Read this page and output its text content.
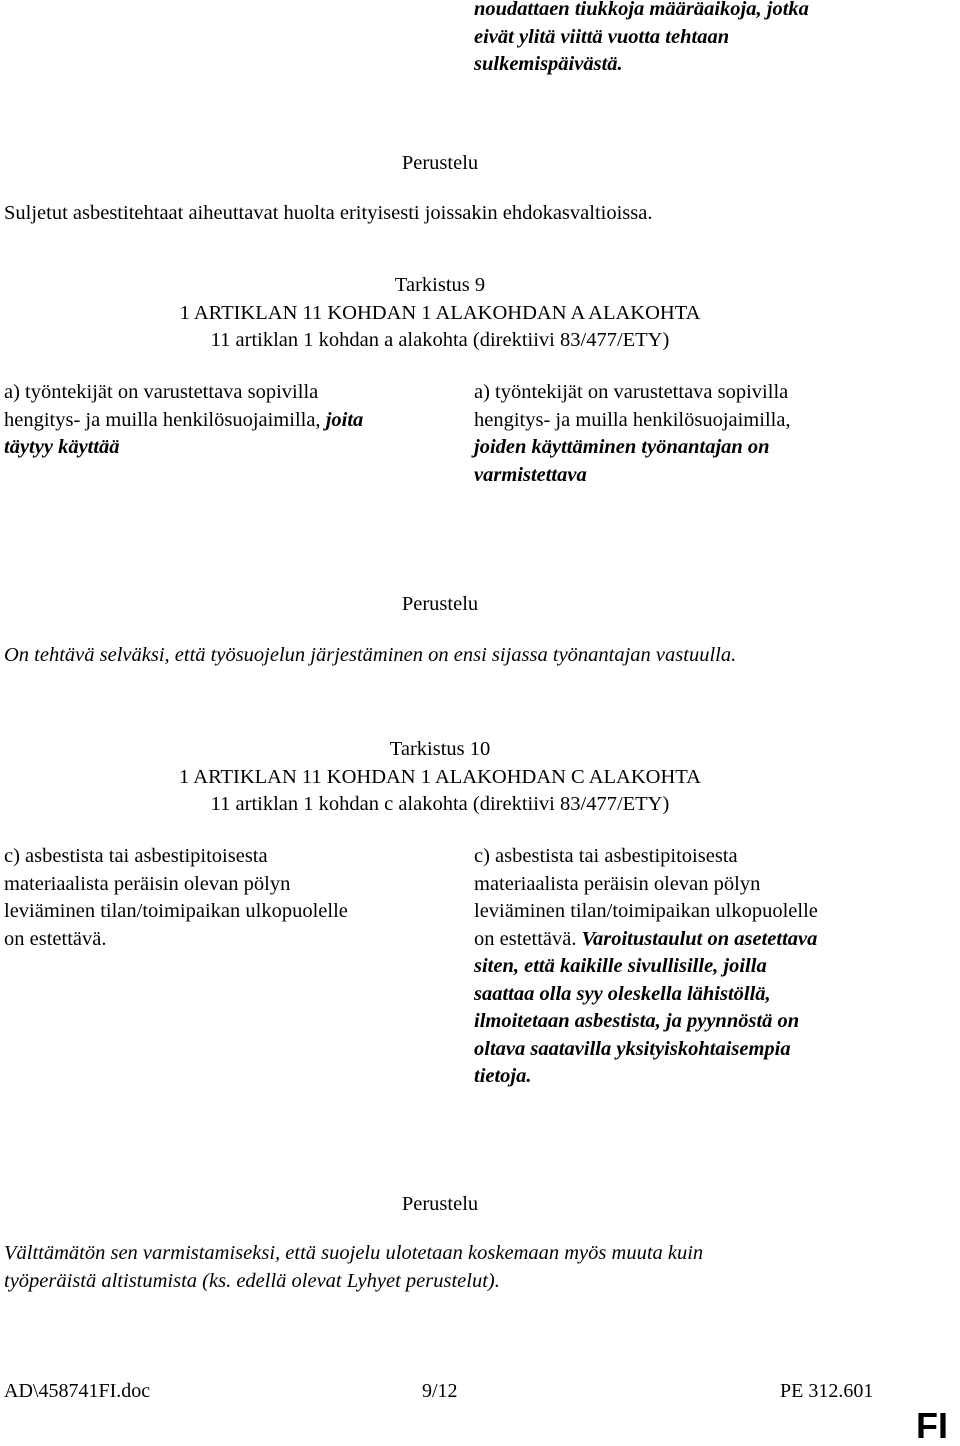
noudattaen tiukkoja määräaikoja, jotka
eivät ylitä viittä vuotta tehtaan
sulkemispäivästä.
Perustelu
Suljetut asbestitehtaat aiheuttavat huolta erityisesti joissakin ehdokasvaltioissa.
Tarkistus 9
1 ARTIKLAN 11 KOHDAN 1 ALAKOHDAN A ALAKOHTA
11 artiklan 1 kohdan a alakohta (direktiivi 83/477/ETY)
a) työntekijät on varustettava sopivilla
hengitys- ja muilla henkilösuojaimilla, joita
täytyy käyttää
a) työntekijät on varustettava sopivilla
hengitys- ja muilla henkilösuojaimilla,
joiden käyttäminen työnantajan on
varmistettava
Perustelu
On tehtävä selväksi, että työsuojelun järjestäminen on ensi sijassa työnantajan vastuulla.
Tarkistus 10
1 ARTIKLAN 11 KOHDAN 1 ALAKOHDAN C ALAKOHTA
11 artiklan 1 kohdan c alakohta (direktiivi 83/477/ETY)
c) asbestista tai asbestipitoisesta
materiaalista peräisin olevan pölyn
leviäminen tilan/toimipaikan ulkopuolelle
on estettävä.
c) asbestista tai asbestipitoisesta
materiaalista peräisin olevan pölyn
leviäminen tilan/toimipaikan ulkopuolelle
on estettävä. Varoitustaulut on asetettava
siten, että kaikille sivullisille, joilla
saattaa olla syy oleskella lähistöllä,
ilmoitetaan asbestista, ja pyynnöstä on
oltava saatavilla yksityiskohtaisempia
tietoja.
Perustelu
Välttämätön sen varmistamiseksi, että suojelu ulotetaan koskemaan myös muuta kuin
työperäistä altistumista (ks. edellä olevat Lyhyet perustelut).
AD\458741FI.doc	9/12	PE 312.601
FI
